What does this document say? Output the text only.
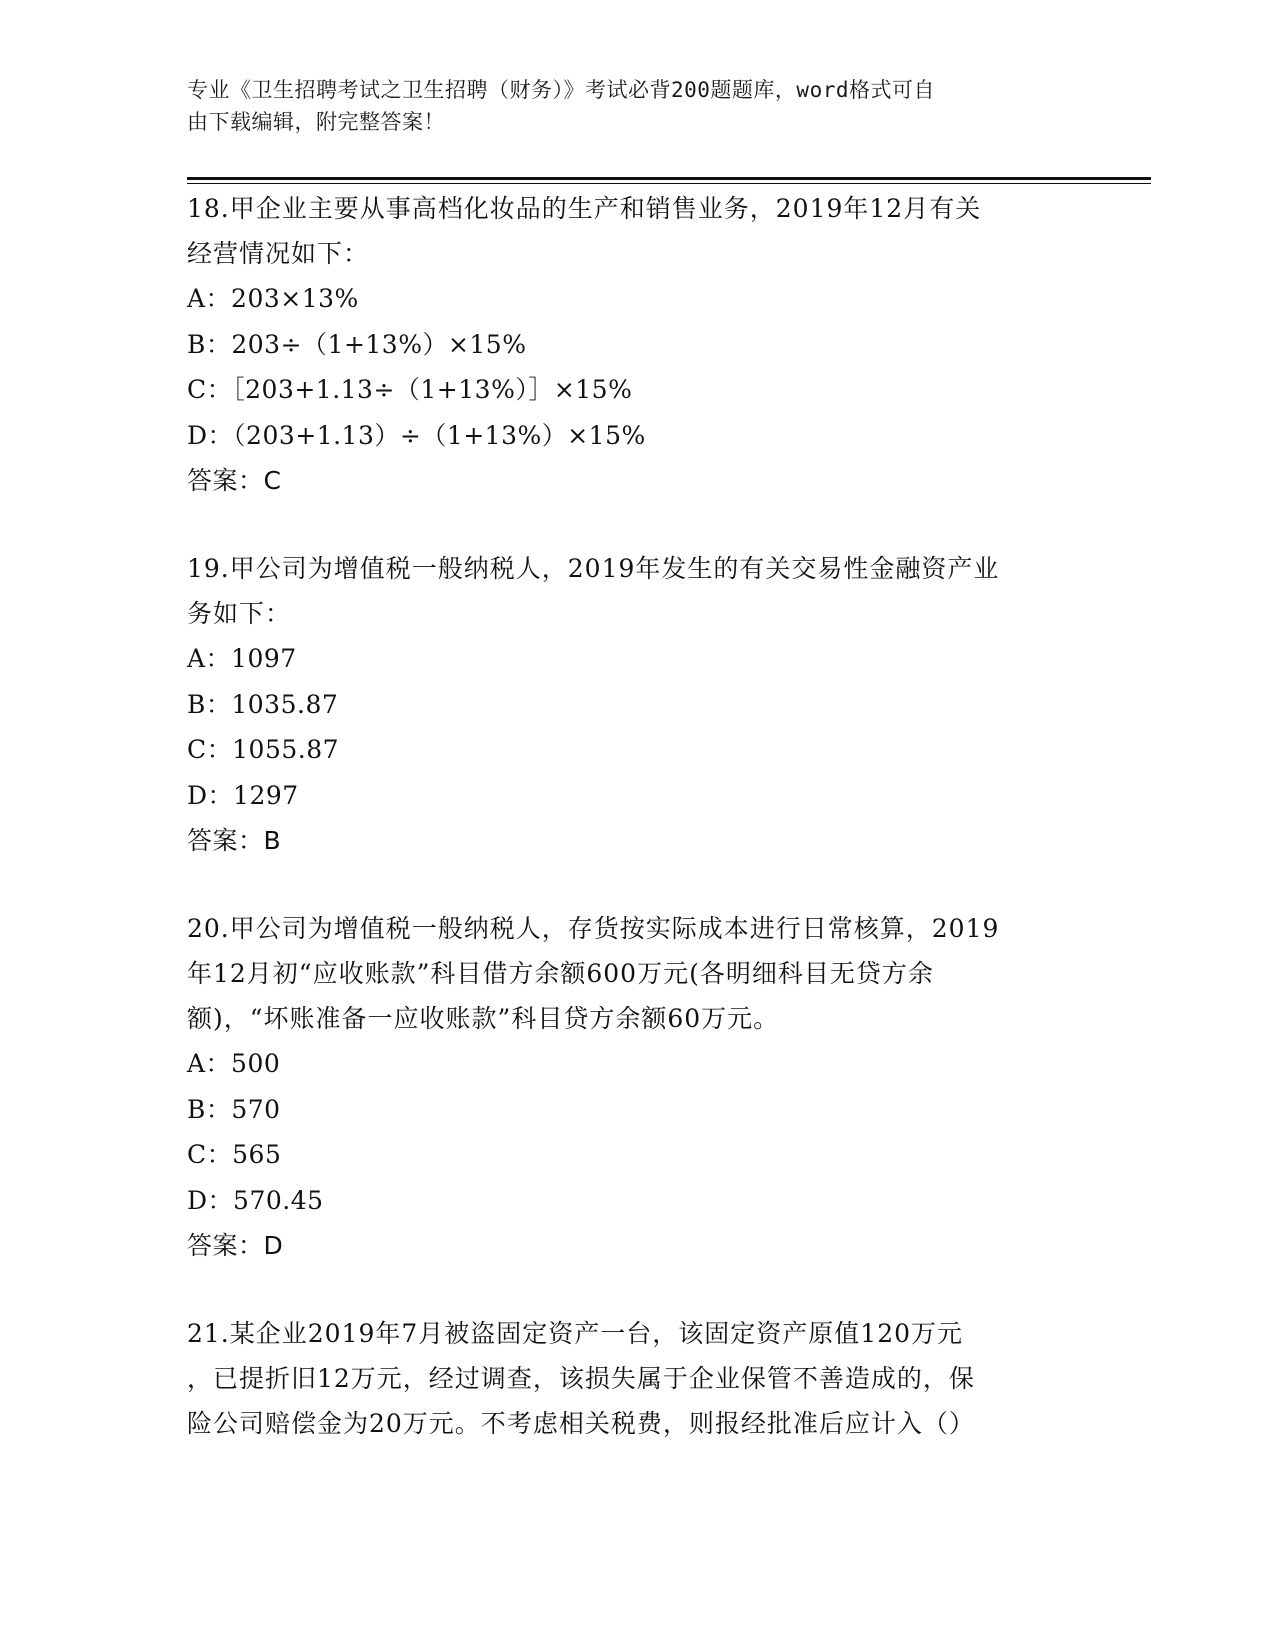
专业《卫生招聘考试之卫生招聘（财务）》考试必背200题题库，word格式可自
由下载编辑，附完整答案！

18.甲企业主要从事高档化妆品的生产和销售业务，2019年12月有关

经营情况如下：

A：203×13%

B：203÷（1+13%）×15%

C：［203+1.13÷（1+13%）］×15%

D：（203+1.13）÷（1+13%）×15%

答案：C

19.甲公司为增值税一般纳税人，2019年发生的有关交易性金融资产业

务如下：

A：1097

B：1035.87

C：1055.87

D：1297

答案：B

20.甲公司为增值税一般纳税人，存货按实际成本进行日常核算，2019

年12月初“应收账款”科目借方余额600万元(各明细科目无贷方余

额)，“坏账准备一应收账款”科目贷方余额60万元。

A：500

B：570

C：565

D：570.45

答案：D

21.某企业2019年7月被盗固定资产一台，该固定资产原值120万元

，已提折旧12万元，经过调查，该损失属于企业保管不善造成的，保

险公司赔偿金为20万元。不考虑相关税费，则报经批准后应计入（）
